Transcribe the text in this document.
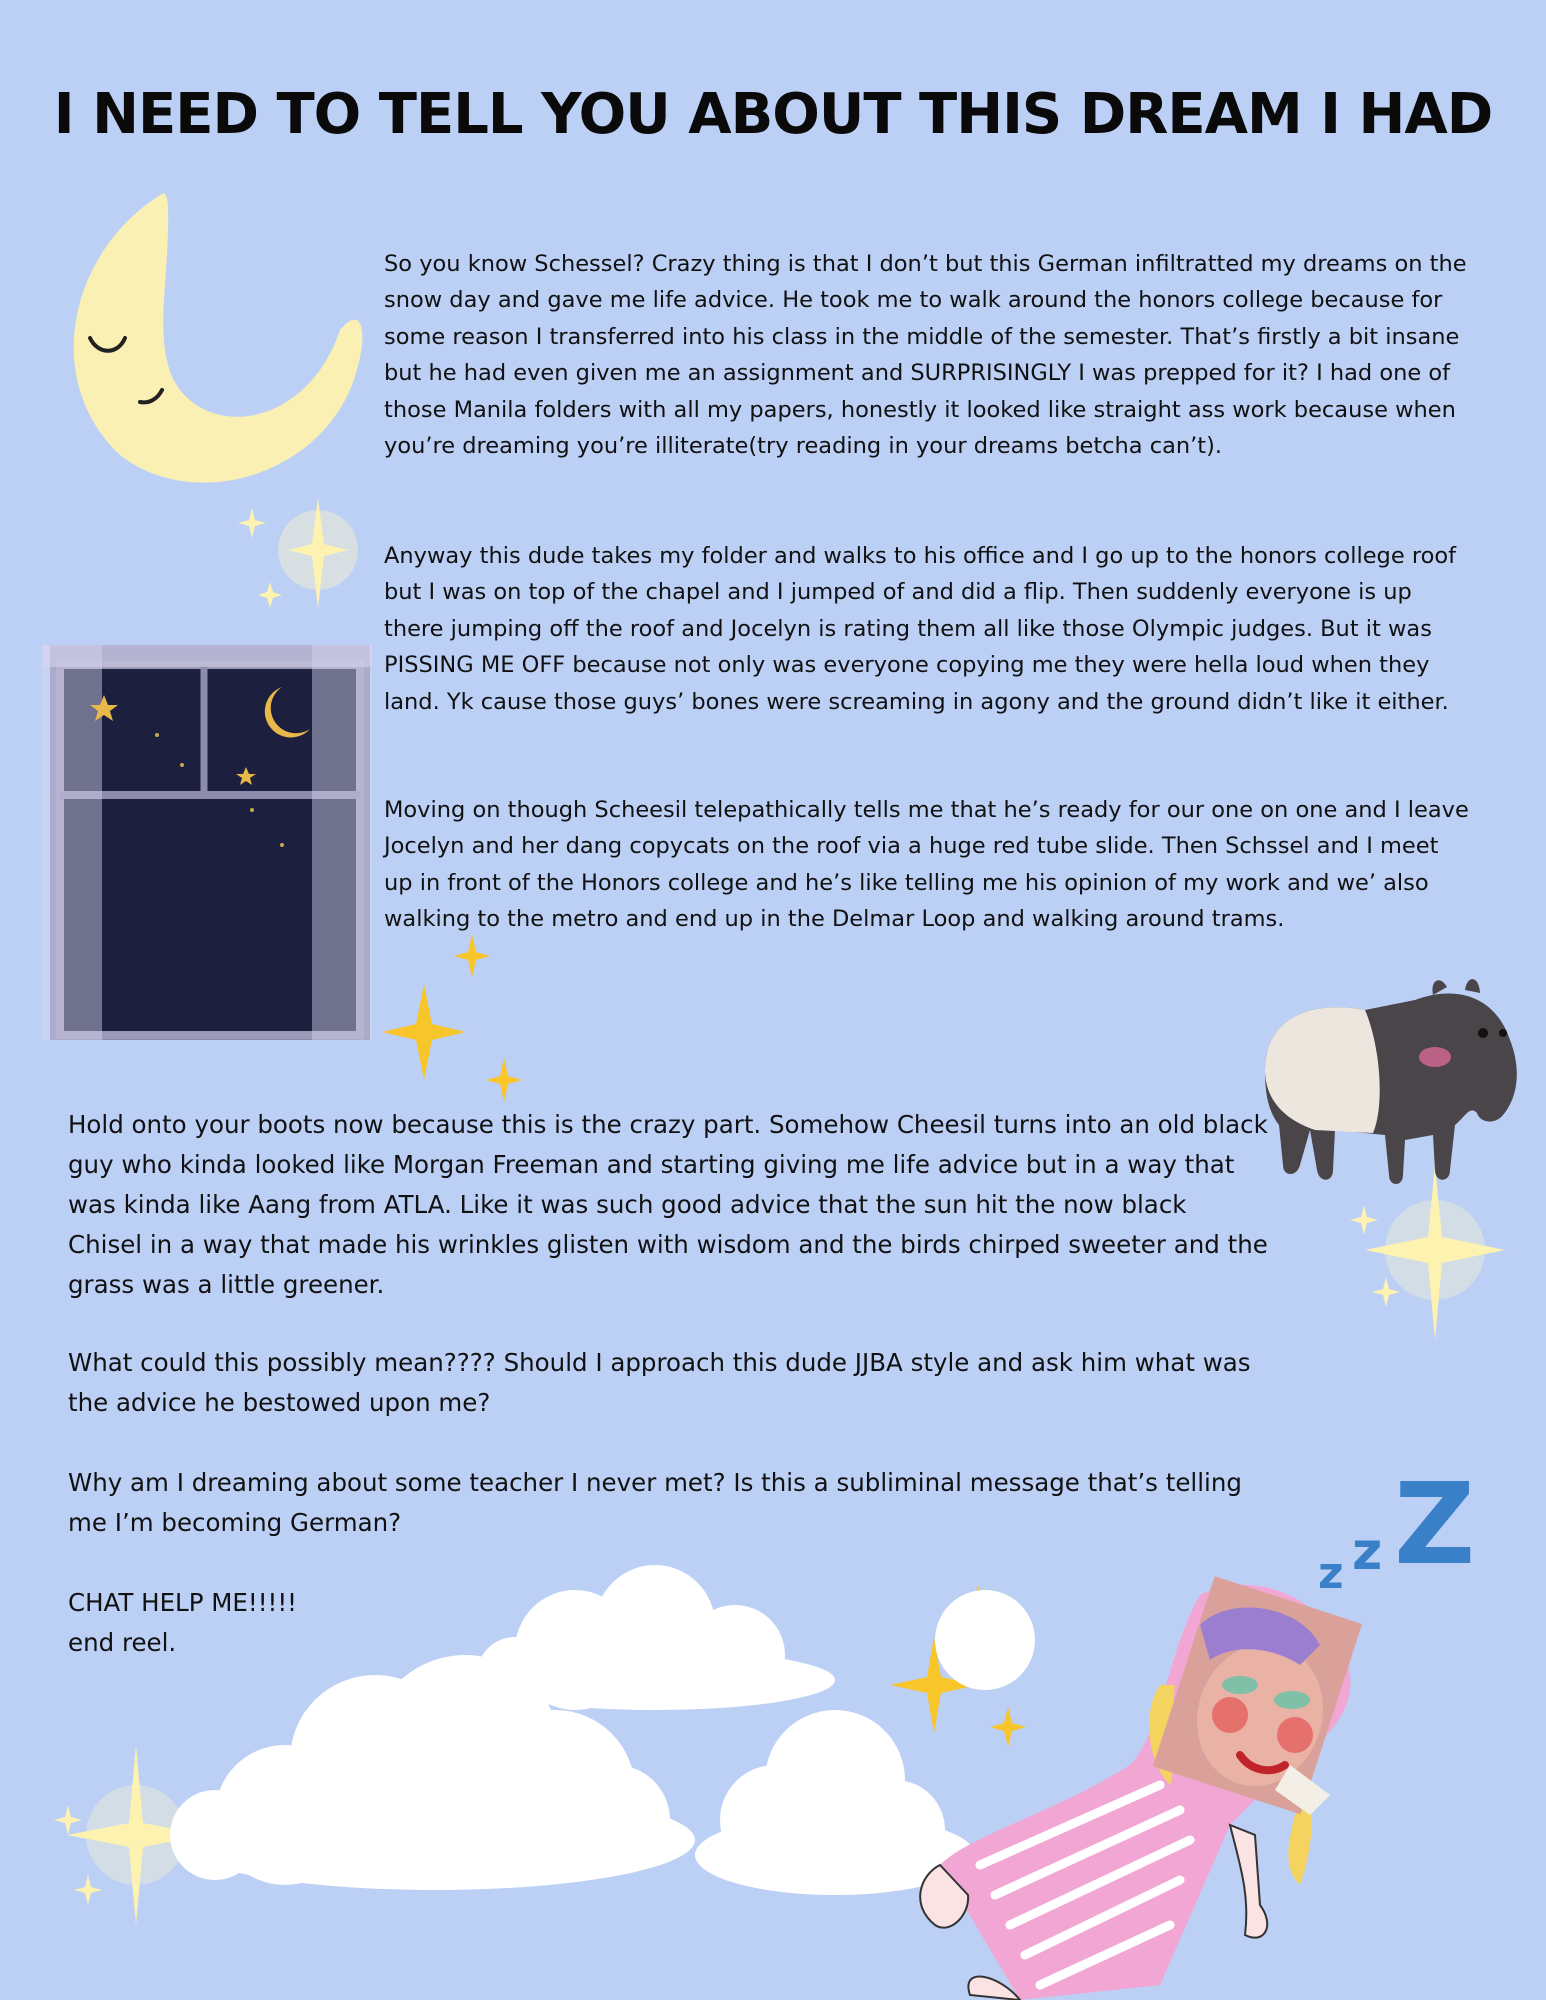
I NEED TO TELL YOU ABOUT THIS DREAM I HAD
z z Z

So you know Schessel? Crazy thing is that I don’t but this German infiltratted my dreams on the snow day and gave me life advice. He took me to walk around the honors college because for some reason I transferred into his class in the middle of the semester. That’s firstly a bit insane but he had even given me an assignment and SURPRISINGLY I was prepped for it? I had one of those Manila folders with all my papers, honestly it looked like straight ass work because when you’re dreaming you’re illiterate(try reading in your dreams betcha can’t).

Anyway this dude takes my folder and walks to his office and I go up to the honors college roof but I was on top of the chapel and I jumped of and did a flip. Then suddenly everyone is up there jumping off the roof and Jocelyn is rating them all like those Olympic judges. But it was PISSING ME OFF because not only was everyone copying me they were hella loud when they land. Yk cause those guys’ bones were screaming in agony and the ground didn’t like it either.

Moving on though Scheesil telepathically tells me that he’s ready for our one on one and I leave Jocelyn and her dang copycats on the roof via a huge red tube slide. Then Schssel and I meet up in front of the Honors college and he’s like telling me his opinion of my work and we’ also walking to the metro and end up in the Delmar Loop and walking around trams.

Hold onto your boots now because this is the crazy part. Somehow Cheesil turns into an old black guy who kinda looked like Morgan Freeman and starting giving me life advice but in a way that was kinda like Aang from ATLA. Like it was such good advice that the sun hit the now black Chisel in a way that made his wrinkles glisten with wisdom and the birds chirped sweeter and the grass was a little greener.

What could this possibly mean???? Should I approach this dude JJBA style and ask him what was the advice he bestowed upon me?

Why am I dreaming about some teacher I never met? Is this a subliminal message that’s telling me I’m becoming German?

CHAT HELP ME!!!!!

end reel.
